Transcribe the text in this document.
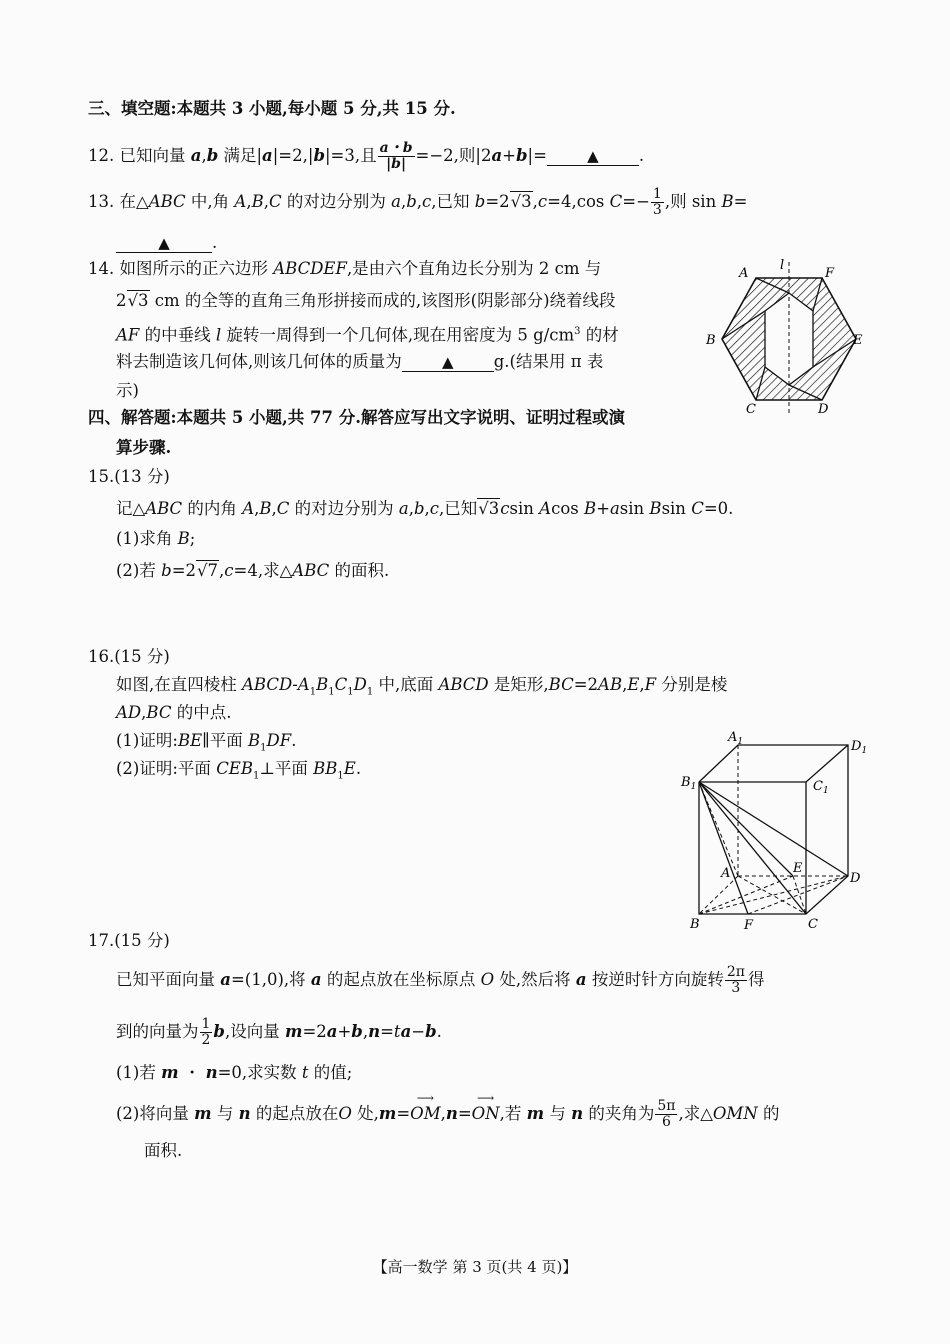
三、填空题:本题共 3 小题,每小题 5 分,共 15 分.
12. 已知向量 a,b 满足|a|=2,|b|=3,且 $\frac{a・b}{|b|} =-2$,则|2a+b|=	▲ .
13. 在△ABC 中,角 A,B,C 的对边分别为 a,b,c,已知 b=2√3,c=4,cos $C=- \frac{1}{3}$ ,则 sin B=
▲	.
14. 如图所示的正六边形 ABCDEF,是由六个直角边长分别为 2 cm 与
2√3 cm 的全等的直角三角形拼接而成的,该图形(阴影部分)绕着线段
AF 的中垂线 l 旋转一周得到一个几何体,现在用密度为 5 $g/cm^3$ 的材
料去制造该几何体,则该几何体的质量为	▲ g.(结果用 π 表
示)
A
l
F
B	E
C	D
四、解答题:本题共 5 小题,共 77 分.解答应写出文字说明、证明过程或演
算步骤.
15.(13 分)
记△ABC 的内角 A,B,C 的对边分别为 a,b,c,已知√3csin Acos B+asin Bsin C=0.
(1)求角 B;
(2)若 b=2√7,c=4,求△ABC 的面积.
16.(15 分)
如图,在直四棱柱 ABCD-$A_1B_1C_1D_1$ 中,底面 ABCD 是矩形,BC=2AB,E,F 分别是棱
AD,BC 的中点.
(1)证明:BE∥平面 $B_1DF$.
(2)证明:平面 $CEB_1\perp$平面 $BB_1E$.
$A_1$	$D_1$
$B_1$	$C_1$
A	E
D
B	F	C
17.(15 分)
已知平面向量 a=(1,0),将 a 的起点放在坐标原点 O 处,然后将 a 按逆时针方向旋转 $\frac{2\pi}{3}$ 得
到的向量为 $\frac{1}{2} b$,设向量 m=2a+b,n=ta−b.
(1)若 m ・ n=0,求实数 t 的值;
(2)将向量 m 与 n 的起点放在O 处,m=
⟶
OM,n=
⟶
ON,若 m 与 n 的夹角为 $\frac{5\pi}{6}$ ,求△OMN 的
面积.
【高一数学 第 3 页(共 4 页)】
